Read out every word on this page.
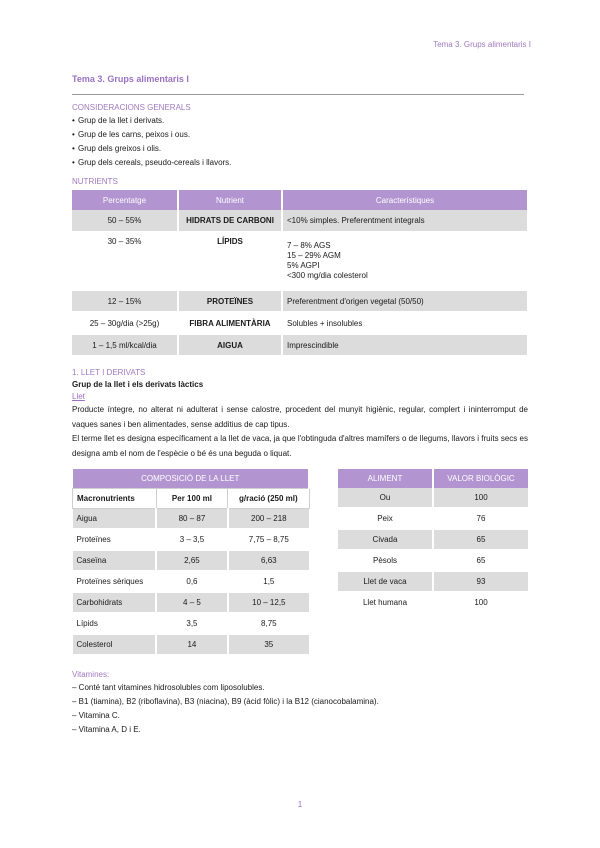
Tema 3. Grups alimentaris I
Tema 3. Grups alimentaris I
CONSIDERACIONS GENERALS
• Grup de la llet i derivats.
• Grup de les carns, peixos i ous.
• Grup dels greixos i olis.
• Grup dels cereals, pseudo-cereals i llavors.
NUTRIENTS
Percentatge	Nutrient	Característiques
50 – 55%	HIDRATS DE CARBONI	<10% simples. Preferentment integrals
30 – 35%	LÍPIDS	7 – 8% AGS
15 – 29% AGM
5% AGPI
<300 mg/dia colesterol

12 – 15%	PROTEÏNES	Preferentment d'origen vegetal (50/50)
25 – 30g/dia (>25g)	FIBRA ALIMENTÀRIA	Solubles + insolubles
1 – 1,5 ml/kcal/dia	AIGUA	Imprescindible
1. LLET I DERIVATS
Grup de la llet i els derivats làctics
Llet
Producte íntegre, no alterat ni adulterat i sense calostre, procedent del munyit higiènic, regular, complert i ininterromput de vaques sanes i ben alimentades, sense additius de cap tipus.
El terme llet es designa específicament a la llet de vaca, ja que l'obtinguda d'altres mamífers o de llegums, llavors i fruits secs es designa amb el nom de l'espècie o bé és una beguda o liquat.
COMPOSICIÓ DE LA LLET		
Macronutrients	Per 100 ml	g/ració (250 ml)
Aigua	80 – 87	200 – 218
Proteïnes	3 – 3,5	7,75 – 8,75
Caseïna	2,65	6,63
Proteïnes sèriques	0,6	1,5
Carbohidrats	4 – 5	10 – 12,5
Lípids	3,5	8,75
Colesterol	14	35
ALIMENT	VALOR BIOLÒGIC
Ou	100
Peix	76
Civada	65
Pèsols	65
Llet de vaca	93
Llet humana	100
Vitamines:
– Conté tant vitamines hidrosolubles com liposolubles.
– B1 (tiamina), B2 (riboflavina), B3 (niacina), B9 (àcid fòlic) i la B12 (cianocobalamina).
– Vitamina C.
– Vitamina A, D i E.
1
